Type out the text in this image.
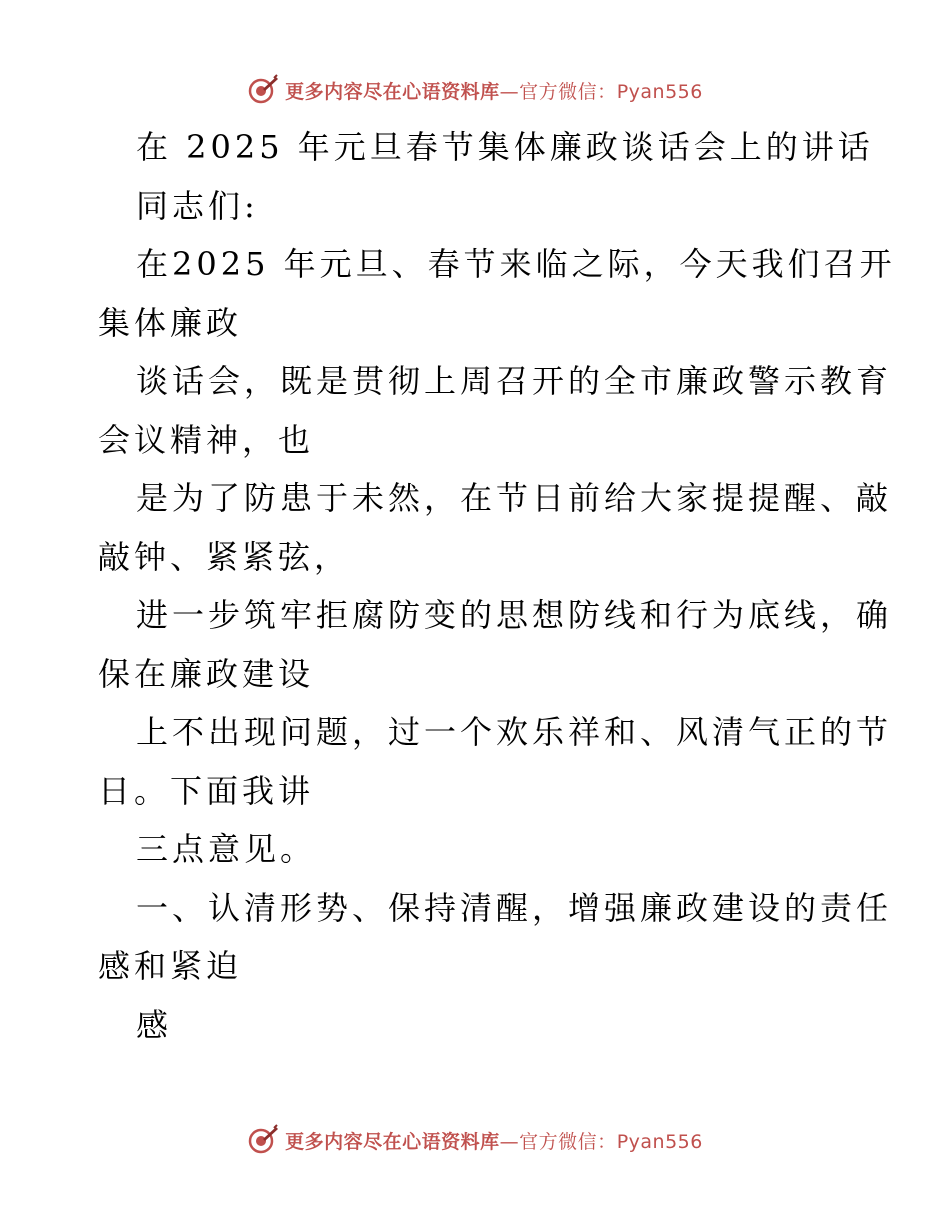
更多内容尽在心语资料库—官方微信：Pyan556
在 2025 年元旦春节集体廉政谈话会上的讲话
同志们:
在2025 年元旦、春节来临之际，今天我们召开
集体廉政
谈话会，既是贯彻上周召开的全市廉政警示教育
会议精神，也
是为了防患于未然，在节日前给大家提提醒、敲
敲钟、紧紧弦，
进一步筑牢拒腐防变的思想防线和行为底线，确
保在廉政建设
上不出现问题，过一个欢乐祥和、风清气正的节
日。下面我讲
三点意见。
一、认清形势、保持清醒，增强廉政建设的责任
感和紧迫
感
更多内容尽在心语资料库—官方微信：Pyan556
